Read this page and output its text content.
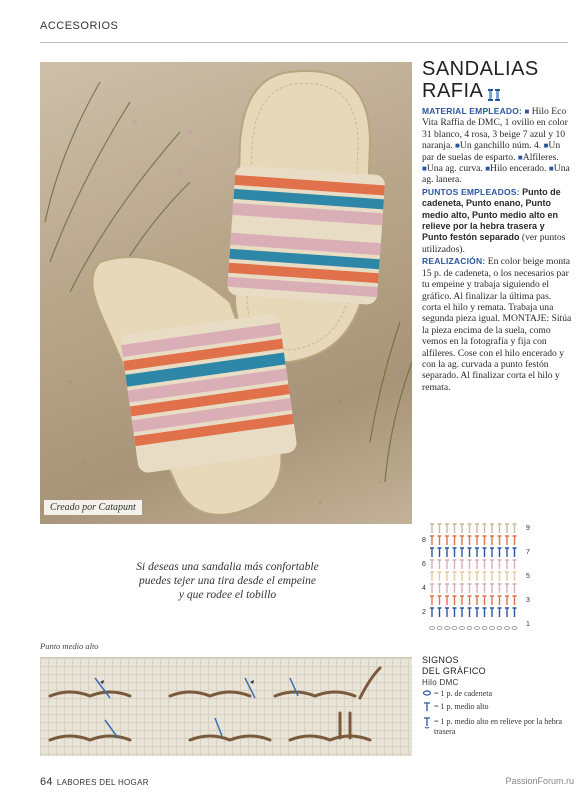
ACCESORIOS
Creado por Catapunt
SANDALIAS
RAFIA

MATERIAL EMPLEADO: ■ Hilo Eco Vita Raffia de DMC, 1 ovillo en color 31 blanco, 4 rosa, 3 beige 7 azul y 10 naranja. ■Un ganchillo núm. 4. ■Un par de suelas de esparto. ■Alfileres. ■Una ag. curva. ■Hilo encerado. ■Una ag. lanera.

PUNTOS EMPLEADOS: Punto de cadeneta, Punto enano, Punto medio alto, Punto medio alto en relieve por la hebra trasera y Punto festón separado (ver puntos utilizados).

REALIZACIÓN: En color beige monta 15 p. de cadeneta, o los necesarios par tu empeine y trabaja siguiendo el gráfico. Al finalizar la última pas. corta el hilo y remata. Trabaja una segunda pieza igual. MONTAJE: Sitúa la pieza encima de la suela, como vemos en la fotografía y fija con alfileres. Cose con el hilo encerado y con la ag. curvada a punto festón separado. Al finalizar corta el hilo y remata.

Si deseas una sandalia más confortable
puedes tejer una tira desde el empeine
y que rodee el tobillo
8
6
4
2
9
7
5
3
1
Punto medio alto
SIGNOS
DEL GRÁFICO
Hilo DMC
= 1 p. de cadeneta
= 1 p. medio alto
= 1 p. medio alto en relieve por la hebra trasera
64 LABORES DEL HOGAR	PassionForum.ru
